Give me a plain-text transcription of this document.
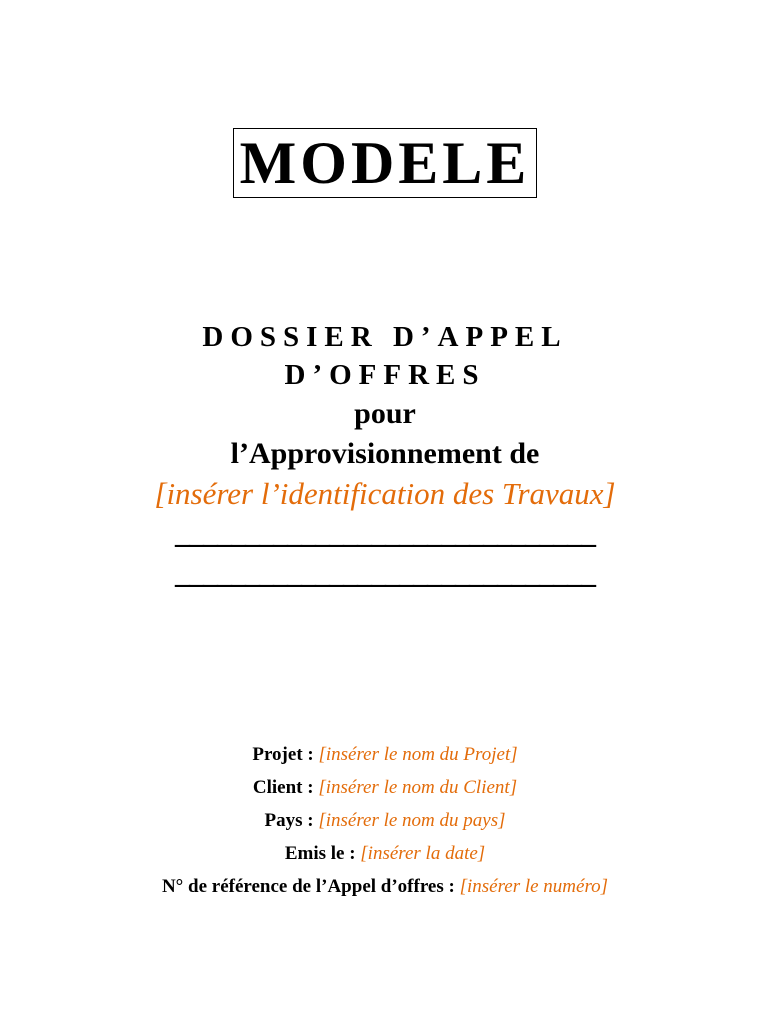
MODELE

DOSSIER D’APPEL

D’OFFRES

pour

l’Approvisionnement de

[insérer l’identification des Travaux]

______________________________

______________________________

Projet : [insérer le nom du Projet]

Client : [insérer le nom du Client]

Pays : [insérer le nom du pays]

Emis le : [insérer la date]

N° de référence de l’Appel d’offres : [insérer le numéro]
